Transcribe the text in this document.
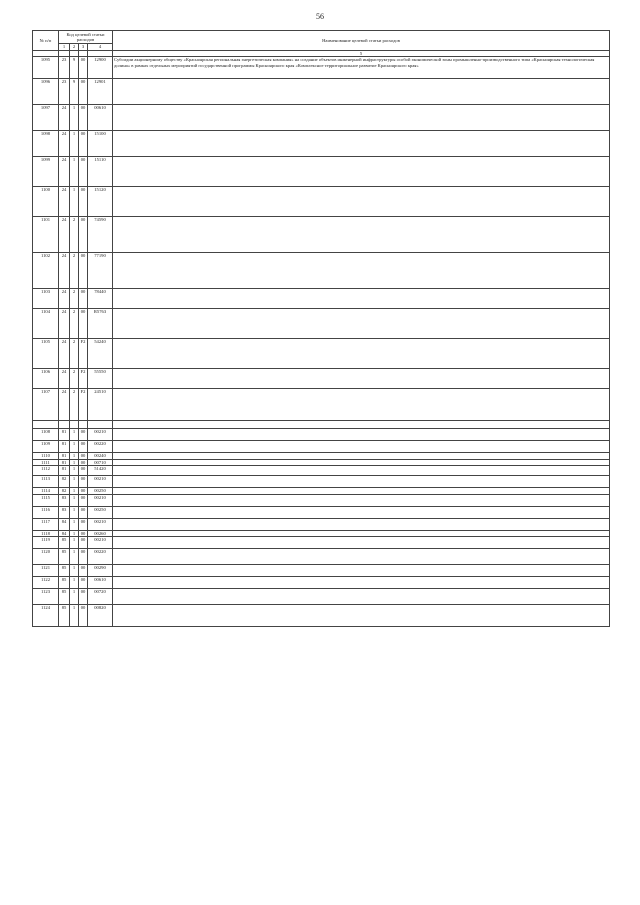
56
№ п/п	Код целевой статьи расходов				Наименование целевой статьи расходов
	1	2	3	4	
					5
1095	23	9	00	12900	Субсидии акционерному обществу «Красноярская региональная энергетическая компания» на создание объектов инженерной инфраструктуры особой экономической зоны промышленно-производственного типа «Красноярская технологическая долина» в рамках отдельных мероприятий государственной программы Красноярского края «Комплексное территориальное развитие Красноярского края»
1096	23	9	00	12901	
1097	24	1	00	00610	
1098	24	1	00	15100	
1099	24	1	00	15110	
1100	24	1	00	15120	
1101	24	2	00	74590	
1102	24	2	00	77190	
1103	24	2	00	78440	
1104	24	2	00	R5763	
1105	24	2	F2	54240	
1106	24	2	F2	55550	
1107	24	2	F2	24510	

1108	81	1	00	00210	
1109	81	1	00	00220	
1110	81	1	00	00240	
1111	81	1	00	00710	
1112	81	1	00	51420	
1113	82	1	00	00210	
1114	82	1	00	00250	
1115	83	1	00	00210	
1116	83	1	00	00250	
1117	84	1	00	00210	
1118	84	1	00	00260	
1119	85	1	00	00210	
1120	85	1	00	00220	
1121	85	1	00	00290	
1122	85	1	00	00610	
1123	85	1	00	00720	
1124	85	1	00	00820	
